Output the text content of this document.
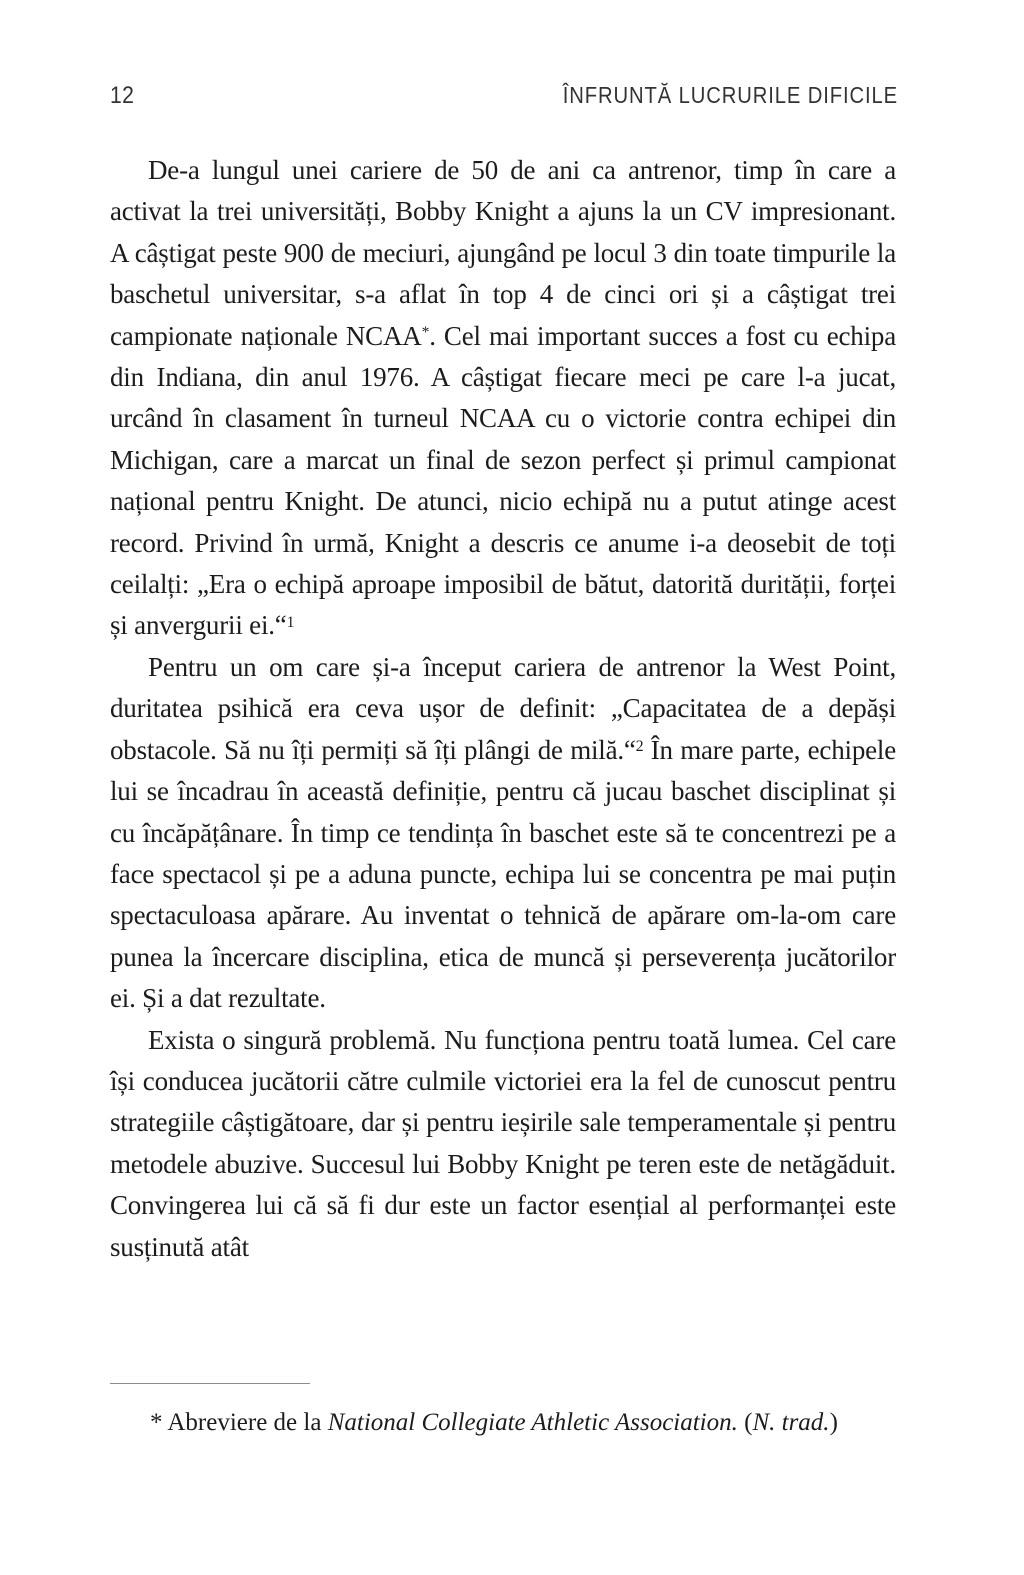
12	ÎNFRUNTĂ LUCRURILE DIFICILE

De-a lungul unei cariere de 50 de ani ca antrenor, timp în care a activat la trei universități, Bobby Knight a ajuns la un CV impresionant. A câștigat peste 900 de meciuri, ajungând pe locul 3 din toate timpurile la baschetul universitar, s-a aflat în top 4 de cinci ori și a câștigat trei campionate naționale NCAA*. Cel mai important succes a fost cu echipa din Indiana, din anul 1976. A câștigat fiecare meci pe care l-a jucat, urcând în clasament în turneul NCAA cu o victorie contra echipei din Michigan, care a marcat un final de sezon perfect și primul campionat național pentru Knight. De atunci, nicio echipă nu a putut atinge acest record. Privind în urmă, Knight a descris ce anume i-a deosebit de toți ceilalți: „Era o echipă aproape imposibil de bătut, datorită durității, forței și anvergurii ei.“$^1$

Pentru un om care și-a început cariera de antrenor la West Point, duritatea psihică era ceva ușor de definit: „Capacitatea de a depăși obstacole. Să nu îți permiți să îți plângi de milă.“$^2$ În mare parte, echipele lui se încadrau în această definiție, pentru că jucau baschet disciplinat și cu încăpățânare. În timp ce tendința în baschet este să te concentrezi pe a face spectacol și pe a aduna puncte, echipa lui se concentra pe mai puțin spectaculoasa apărare. Au inventat o tehnică de apărare om-la-om care punea la încercare disciplina, etica de muncă și perseverența jucătorilor ei. Și a dat rezultate.

Exista o singură problemă. Nu funcționa pentru toată lumea. Cel care își conducea jucătorii către culmile victoriei era la fel de cunoscut pentru strategiile câștigătoare, dar și pentru ieșirile sale temperamentale și pentru metodele abuzive. Succesul lui Bobby Knight pe teren este de netăgăduit. Convingerea lui că să fi dur este un factor esențial al performanței este susținută atât

* Abreviere de la National Collegiate Athletic Association. (N. trad.)
